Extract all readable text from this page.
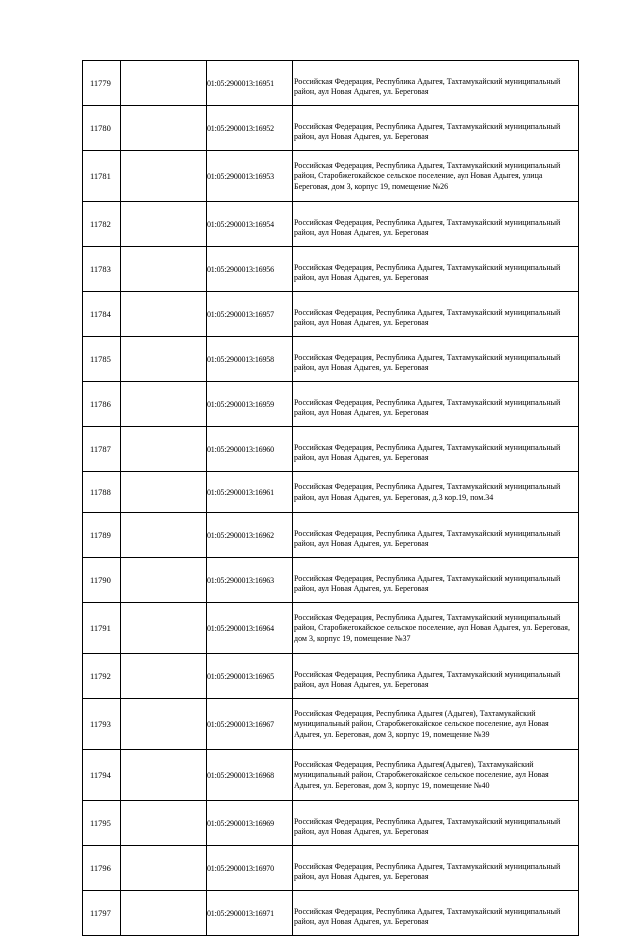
11779		01:05:2900013:16951	Российская Федерация, Республика Адыгея, Тахтамукайский муниципальный район, аул Новая Адыгея, ул. Береговая
11780		01:05:2900013:16952	Российская Федерация, Республика Адыгея, Тахтамукайский муниципальный район, аул Новая Адыгея, ул. Береговая
11781		01:05:2900013:16953	Российская Федерация, Республика Адыгея, Тахтамукайский муниципальный район, Старобжегокайское сельское поселение, аул Новая Адыгея, улица Береговая, дом 3, корпус 19, помещение №26
11782		01:05:2900013:16954	Российская Федерация, Республика Адыгея, Тахтамукайский муниципальный район, аул Новая Адыгея, ул. Береговая
11783		01:05:2900013:16956	Российская Федерация, Республика Адыгея, Тахтамукайский муниципальный район, аул Новая Адыгея, ул. Береговая
11784		01:05:2900013:16957	Российская Федерация, Республика Адыгея, Тахтамукайский муниципальный район, аул Новая Адыгея, ул. Береговая
11785		01:05:2900013:16958	Российская Федерация, Республика Адыгея, Тахтамукайский муниципальный район, аул Новая Адыгея, ул. Береговая
11786		01:05:2900013:16959	Российская Федерация, Республика Адыгея, Тахтамукайский муниципальный район, аул Новая Адыгея, ул. Береговая
11787		01:05:2900013:16960	Российская Федерация, Республика Адыгея, Тахтамукайский муниципальный район, аул Новая Адыгея, ул. Береговая
11788		01:05:2900013:16961	Российская Федерация, Республика Адыгея, Тахтамукайский муниципальный район, аул Новая Адыгея, ул. Береговая, д.3 кор.19, пом.34
11789		01:05:2900013:16962	Российская Федерация, Республика Адыгея, Тахтамукайский муниципальный район, аул Новая Адыгея, ул. Береговая
11790		01:05:2900013:16963	Российская Федерация, Республика Адыгея, Тахтамукайский муниципальный район, аул Новая Адыгея, ул. Береговая
11791		01:05:2900013:16964	Российская Федерация, Республика Адыгея, Тахтамукайский муниципальный район, Старобжегокайское сельское поселение, аул Новая Адыгея, ул. Береговая, дом 3, корпус 19, помещение №37
11792		01:05:2900013:16965	Российская Федерация, Республика Адыгея, Тахтамукайский муниципальный район, аул Новая Адыгея, ул. Береговая
11793		01:05:2900013:16967	Российская Федерация, Республика Адыгея (Адыгея), Тахтамукайский муниципальный район, Старобжегокайское сельское поселение, аул Новая Адыгея, ул. Береговая, дом 3, корпус 19, помещение №39
11794		01:05:2900013:16968	Российская Федерация, Республика Адыгея(Адыгея), Тахтамукайский муниципальный район, Старобжегокайское сельское поселение, аул Новая Адыгея, ул. Береговая, дом 3, корпус 19, помещение №40
11795		01:05:2900013:16969	Российская Федерация, Республика Адыгея, Тахтамукайский муниципальный район, аул Новая Адыгея, ул. Береговая
11796		01:05:2900013:16970	Российская Федерация, Республика Адыгея, Тахтамукайский муниципальный район, аул Новая Адыгея, ул. Береговая
11797		01:05:2900013:16971	Российская Федерация, Республика Адыгея, Тахтамукайский муниципальный район, аул Новая Адыгея, ул. Береговая
